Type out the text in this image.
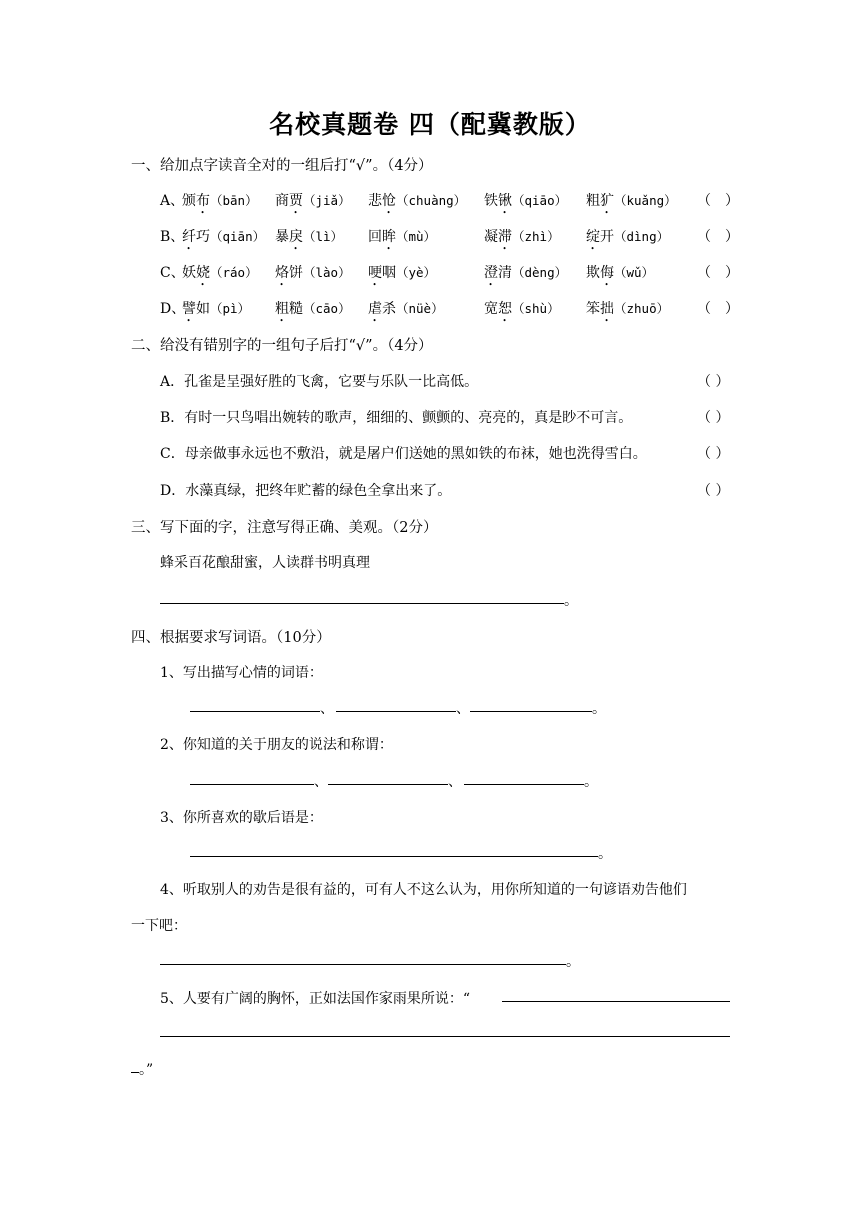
名校真题卷 四（配冀教版）
一、给加点字读音全对的一组后打“√”。（4分）
A、
颁布（bān） 商贾（jiǎ） 悲怆（chuàng） 铁锹（qiāo） 粗犷（kuǎng） （　）
B、
纤巧（qiān） 暴戾（lì） 回眸（mù）	凝滞（zhì） 绽开（dìng） （　）
C、
妖娆（ráo） 烙饼（lào） 哽咽（yè）	澄清（dèng） 欺侮（wǔ）	（　）
D、
譬如（pì） 粗糙（cāo） 虐杀（nüè）	宽恕（shù） 笨拙（zhuō） （　）
二、给没有错别字的一组句子后打“√”。（4分）
A．孔雀是呈强好胜的飞禽，它要与乐队一比高低。
B．有时一只鸟唱出婉转的歌声，细细的、颤颤的、亮亮的，真是眇不可言。
C．母亲做事永远也不敷沿，就是屠户们送她的黑如铁的布袜，她也洗得雪白。
D．水藻真绿，把终年贮蓄的绿色全拿出来了。
（ ）
（ ）
（ ）
（ ）
三、写下面的字，注意写得正确、美观。（2分）
蜂采百花酿甜蜜，人读群书明真理
。
四、根据要求写词语。（10分）
1、写出描写心情的词语：
、	、	。
2、你知道的关于朋友的说法和称谓：
、	、	。
3、你所喜欢的歇后语是：
。
4、听取别人的劝告是很有益的，可有人不这么认为，用你所知道的一句谚语劝告他们
一下吧：
。
5、人要有广阔的胸怀，正如法国作家雨果所说：“
。”
